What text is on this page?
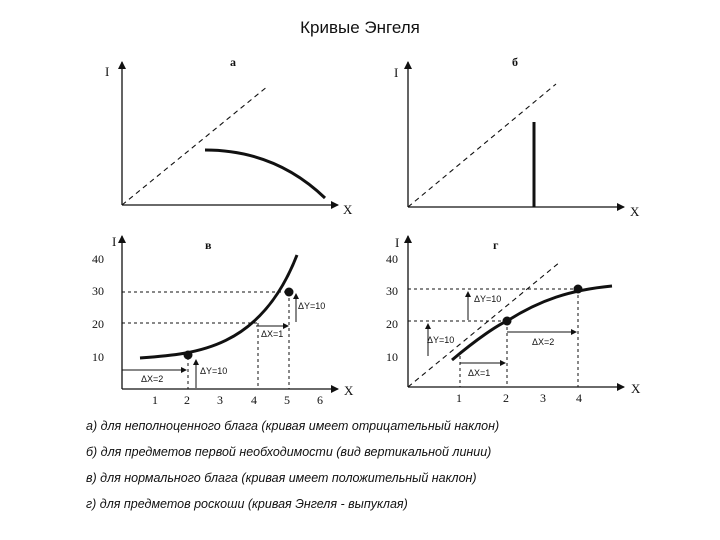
Кривые Энгеля
I
X
а
I
X
б
I
X
в
10
20
30
40
1 2 3 4 5 6
ΔX=2
ΔY=10
ΔX=1
ΔY=10
I
X
г
10
20
30
40
1	2	3	4
ΔX=1
ΔY=10	ΔX=2
ΔY=10

а) для неполноценного блага (кривая имеет отрицательный наклон)

б) для предметов первой необходимости (вид вертикальной линии)

в) для нормального блага (кривая имеет положительный наклон)

г) для предметов роскоши (кривая Энгеля - выпуклая)
